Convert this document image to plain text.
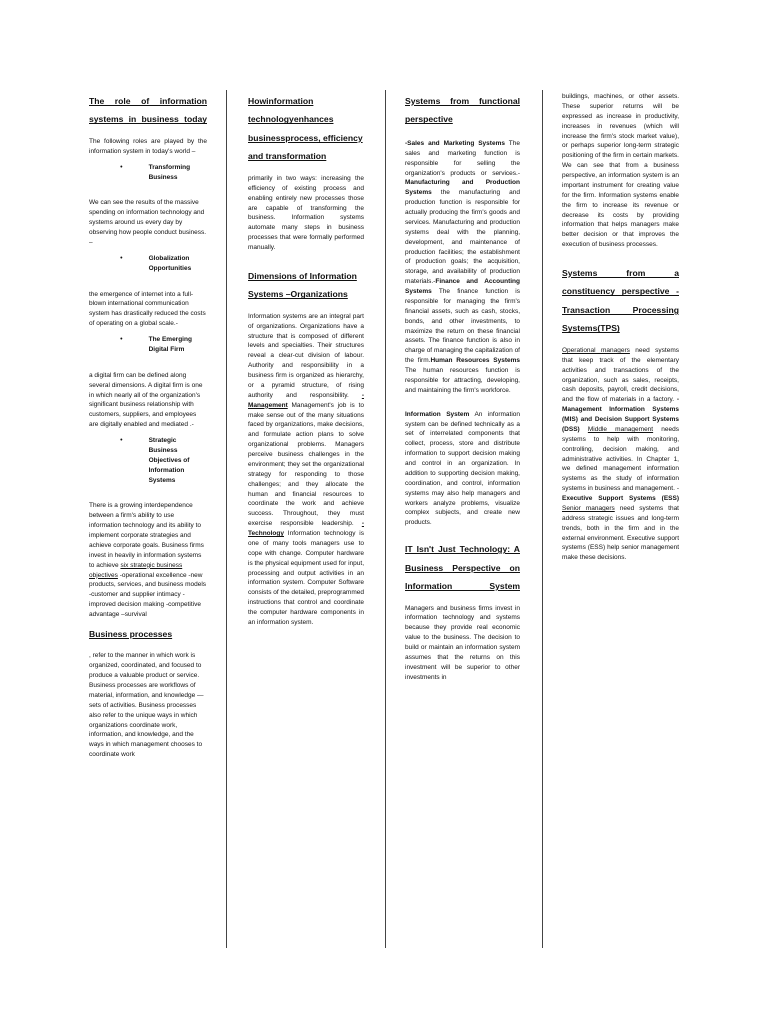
The role of information systems in business today

The following roles are played by the information system in today's world –

•	Transforming Business

We can see the results of the massive spending on information technology and systems around us every day by observing how people conduct business. –

•	Globalization Opportunities

the emergence of internet into a full-blown international communication system has drastically reduced the costs of operating on a global scale.-

•	The Emerging Digital Firm

a digital firm can be defined along several dimensions. A digital firm is one in which nearly all of the organization's significant business relationship with customers, suppliers, and employees are digitally enabled and mediated .-

•	Strategic Business Objectives of Information Systems

There is a growing interdependence between a firm's ability to use information technology and its ability to implement corporate strategies and achieve corporate goals. Business firms invest in heavily in information systems to achieve six strategic business objectives -operational excellence -new products, services, and business models -customer and supplier intimacy -improved decision making -competitive advantage –survival

Business processes

, refer to the manner in which work is organized, coordinated, and focused to produce a valuable product or service. Business processes are workflows of material, information, and knowledge —sets of activities. Business processes also refer to the unique ways in which organizations coordinate work, information, and knowledge, and the ways in which management chooses to coordinate work

Howinformation technologyenhances businessprocess, efficiency and transformation

primarily in two ways: increasing the efficiency of existing process and enabling entirely new processes those are capable of transforming the business. Information systems automate many steps in business processes that were formally performed manually.

Dimensions of Information Systems –Organizations

Information systems are an integral part of organizations. Organizations have a structure that is composed of different levels and specialties. Their structures reveal a clear-cut division of labour. Authority and responsibility in a business firm is organized as hierarchy, or a pyramid structure, of rising authority and responsibility. -Management Management's job is to make sense out of the many situations faced by organizations, make decisions, and formulate action plans to solve organizational problems. Managers perceive business challenges in the environment; they set the organizational strategy for responding to those challenges; and they allocate the human and financial resources to coordinate the work and achieve success. Throughout, they must exercise responsible leadership. -Technology Information technology is one of many tools managers use to cope with change. Computer hardware is the physical equipment used for input, processing and output activities in an information system. Computer Software consists of the detailed, preprogrammed instructions that control and coordinate the computer hardware components in an information system.

Systems from functional perspective

-Sales and Marketing Systems The sales and marketing function is responsible for selling the organization's products or services.-Manufacturing and Production Systems the manufacturing and production function is responsible for actually producing the firm's goods and services. Manufacturing and production systems deal with the planning, development, and maintenance of production facilities; the establishment of production goals; the acquisition, storage, and availability of production materials.-Finance and Accounting Systems The finance function is responsible for managing the firm's financial assets, such as cash, stocks, bonds, and other investments, to maximize the return on these financial assets. The finance function is also in charge of managing the capitalization of the firm.Human Resources Systems The human resources function is responsible for attracting, developing, and maintaining the firm's workforce.

Information System An information system can be defined technically as a set of interrelated components that collect, process, store and distribute information to support decision making and control in an organization. In addition to supporting decision making, coordination, and control, information systems may also help managers and workers analyze problems, visualize complex subjects, and create new products.

IT Isn't Just Technology: A Business Perspective on Information System

Managers and business firms invest in information technology and systems because they provide real economic value to the business. The decision to build or maintain an information system assumes that the returns on this investment will be superior to other investments in

buildings, machines, or other assets. These superior returns will be expressed as increase in productivity, increases in revenues (which will increase the firm's stock market value), or perhaps superior long-term strategic positioning of the firm in certain markets. We can see that from a business perspective, an information system is an important instrument for creating value for the firm. Information systems enable the firm to increase its revenue or decrease its costs by providing information that helps managers make better decision or that improves the execution of business processes.

Systems from a constituency perspective -Transaction Processing Systems(TPS)

Operational managers need systems that keep track of the elementary activities and transactions of the organization, such as sales, receipts, cash deposits, payroll, credit decisions, and the flow of materials in a factory. -Management Information Systems (MIS) and Decision Support Systems (DSS) Middle management needs systems to help with monitoring, controlling, decision making, and administrative activities. In Chapter 1, we defined management information systems as the study of information systems in business and management. -Executive Support Systems (ESS) Senior managers need systems that address strategic issues and long-term trends, both in the firm and in the external environment. Executive support systems (ESS) help senior management make these decisions.
